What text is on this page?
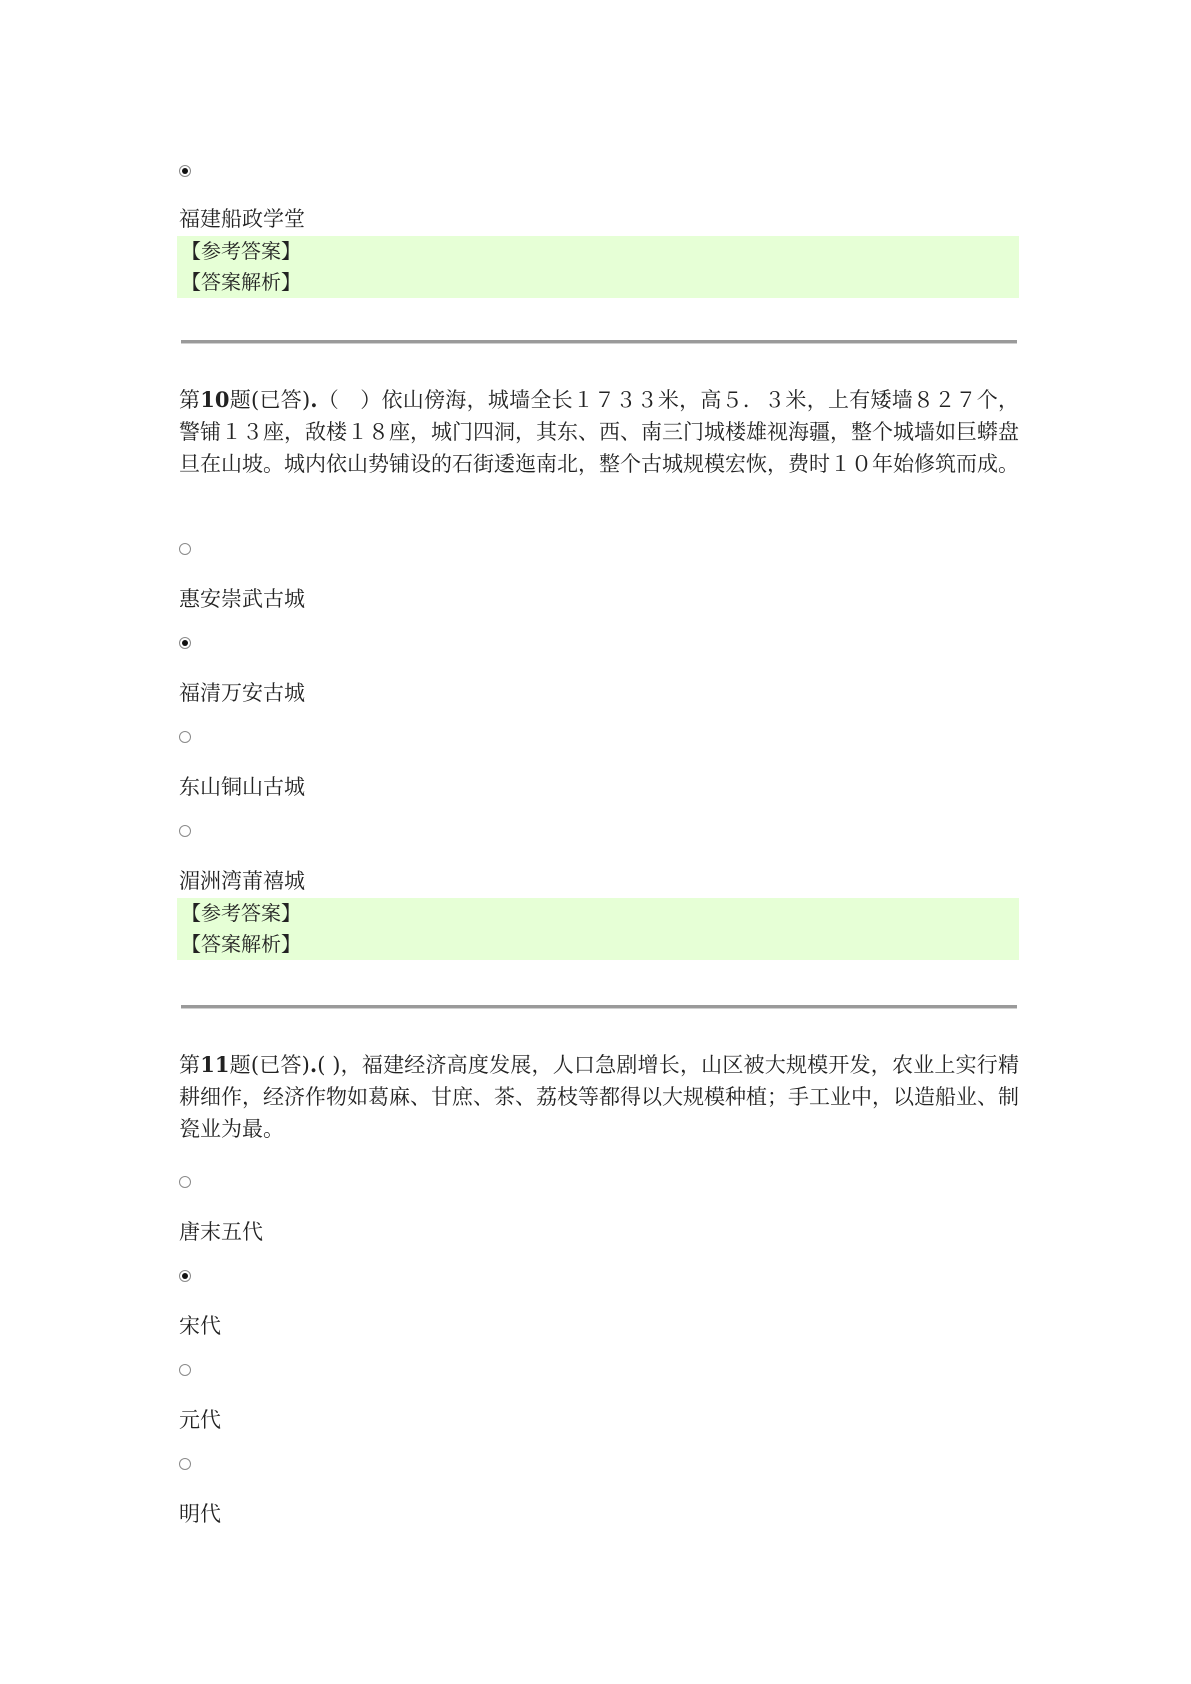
福建船政学堂
【参考答案】
【答案解析】
第10题(已答).（　）依山傍海，城墙全长１７３３米，高５．３米，上有矮墙８２７个，警铺１３座，敌楼１８座，城门四洞，其东、西、南三门城楼雄视海疆，整个城墙如巨蟒盘旦在山坡。城内依山势铺设的石街逶迤南北，整个古城规模宏恢，费时１０年始修筑而成。
惠安崇武古城
福清万安古城
东山铜山古城
湄洲湾莆禧城
【参考答案】
【答案解析】
第11题(已答).( )，福建经济高度发展，人口急剧增长，山区被大规模开发，农业上实行精耕细作，经济作物如葛麻、甘庶、茶、荔枝等都得以大规模种植；手工业中，以造船业、制瓷业为最。
唐末五代
宋代
元代
明代
